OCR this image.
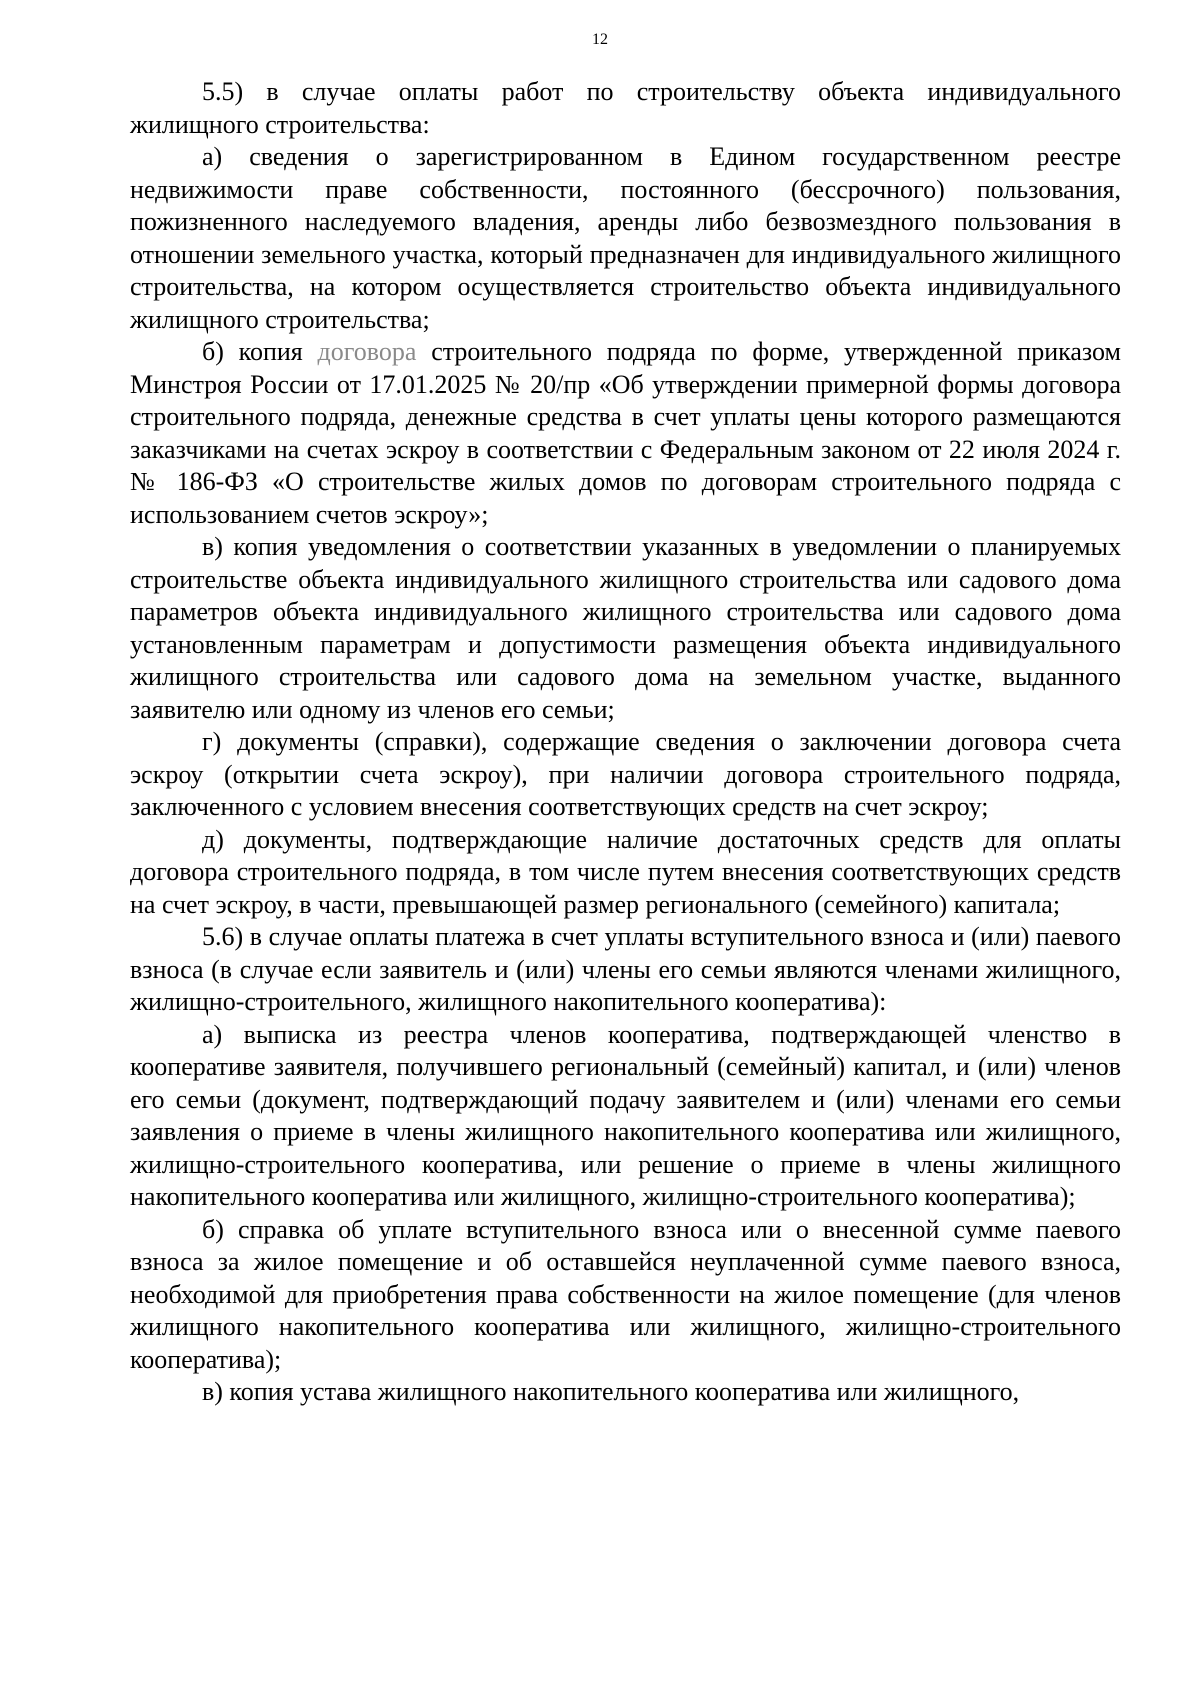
12

5.5) в случае оплаты работ по строительству объекта индивидуального жилищного строительства:

а) сведения о зарегистрированном в Едином государственном реестре недвижимости праве собственности, постоянного (бессрочного) пользования, пожизненного наследуемого владения, аренды либо безвозмездного пользования в отношении земельного участка, который предназначен для индивидуального жилищного строительства, на котором осуществляется строительство объекта индивидуального жилищного строительства;

б) копия договора строительного подряда по форме, утвержденной приказом Минстроя России от 17.01.2025 № 20/пр «Об утверждении примерной формы договора строительного подряда, денежные средства в счет уплаты цены которого размещаются заказчиками на счетах эскроу в соответствии с Федеральным законом от 22 июля 2024 г. № 186-ФЗ «О строительстве жилых домов по договорам строительного подряда с использованием счетов эскроу»;

в) копия уведомления о соответствии указанных в уведомлении о планируемых строительстве объекта индивидуального жилищного строительства или садового дома параметров объекта индивидуального жилищного строительства или садового дома установленным параметрам и допустимости размещения объекта индивидуального жилищного строительства или садового дома на земельном участке, выданного заявителю или одному из членов его семьи;

г) документы (справки), содержащие сведения о заключении договора счета эскроу (открытии счета эскроу), при наличии договора строительного подряда, заключенного с условием внесения соответствующих средств на счет эскроу;

д) документы, подтверждающие наличие достаточных средств для оплаты договора строительного подряда, в том числе путем внесения соответствующих средств на счет эскроу, в части, превышающей размер регионального (семейного) капитала;

5.6) в случае оплаты платежа в счет уплаты вступительного взноса и (или) паевого взноса (в случае если заявитель и (или) члены его семьи являются членами жилищного, жилищно-строительного, жилищного накопительного кооператива):

а) выписка из реестра членов кооператива, подтверждающей членство в кооперативе заявителя, получившего региональный (семейный) капитал, и (или) членов его семьи (документ, подтверждающий подачу заявителем и (или) членами его семьи заявления о приеме в члены жилищного накопительного кооператива или жилищного, жилищно-строительного кооператива, или решение о приеме в члены жилищного накопительного кооператива или жилищного, жилищно-строительного кооператива);

б) справка об уплате вступительного взноса или о внесенной сумме паевого взноса за жилое помещение и об оставшейся неуплаченной сумме паевого взноса, необходимой для приобретения права собственности на жилое помещение (для членов жилищного накопительного кооператива или жилищного, жилищно-строительного кооператива);

в) копия устава жилищного накопительного кооператива или жилищного,
